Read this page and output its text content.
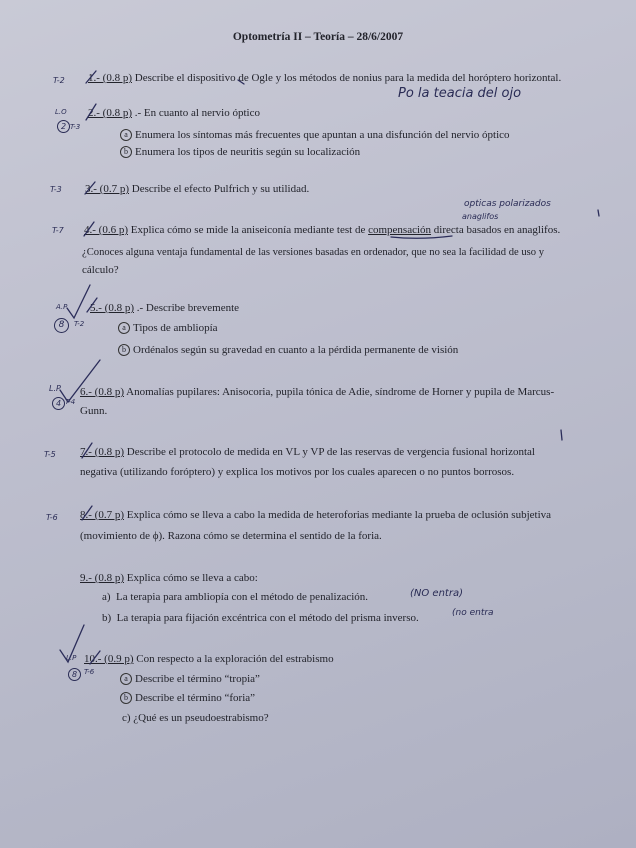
Optometría II – Teoría – 28/6/2007
1.- (0.8 p) Describe el dispositivo de Ogle y los métodos de nonius para la medida del horóptero horizontal.
2.- (0.8 p) .- En cuanto al nervio óptico
a Enumera los síntomas más frecuentes que apuntan a una disfunción del nervio óptico
b Enumera los tipos de neuritis según su localización
3.- (0.7 p) Describe el efecto Pulfrich y su utilidad.
4.- (0.6 p) Explica cómo se mide la aniseiconía mediante test de compensación directa basados en anaglifos.
¿Conoces alguna ventaja fundamental de las versiones basadas en ordenador, que no sea la facilidad de uso y
cálculo?
5.- (0.8 p) .- Describe brevemente
a Tipos de ambliopía
b Ordénalos según su gravedad en cuanto a la pérdida permanente de visión
6.- (0.8 p) Anomalías pupilares: Anisocoria, pupila tónica de Adie, síndrome de Horner y pupila de Marcus-
Gunn.
7.- (0.8 p) Describe el protocolo de medida en VL y VP de las reservas de vergencia fusional horizontal
negativa (utilizando foróptero) y explica los motivos por los cuales aparecen o no puntos borrosos.
8.- (0.7 p) Explica cómo se lleva a cabo la medida de heteroforias mediante la prueba de oclusión subjetiva
(movimiento de ϕ). Razona cómo se determina el sentido de la foria.
9.- (0.8 p) Explica cómo se lleva a cabo:
a) La terapia para ambliopía con el método de penalización.
b) La terapia para fijación excéntrica con el método del prisma inverso.
10.- (0.9 p) Con respecto a la exploración del estrabismo
a Describe el término “tropia”
b Describe el término “foria”
c) ¿Qué es un pseudoestrabismo?
Po la teacia del ojo
opticas polarizados
anaglifos
(NO entra)
(no entra
T-2
T-3
T-3
T-7
T-2
T-5
T-6
T-6
T-4
L.P
L.O
A.P
L.P
2
8
4
8
